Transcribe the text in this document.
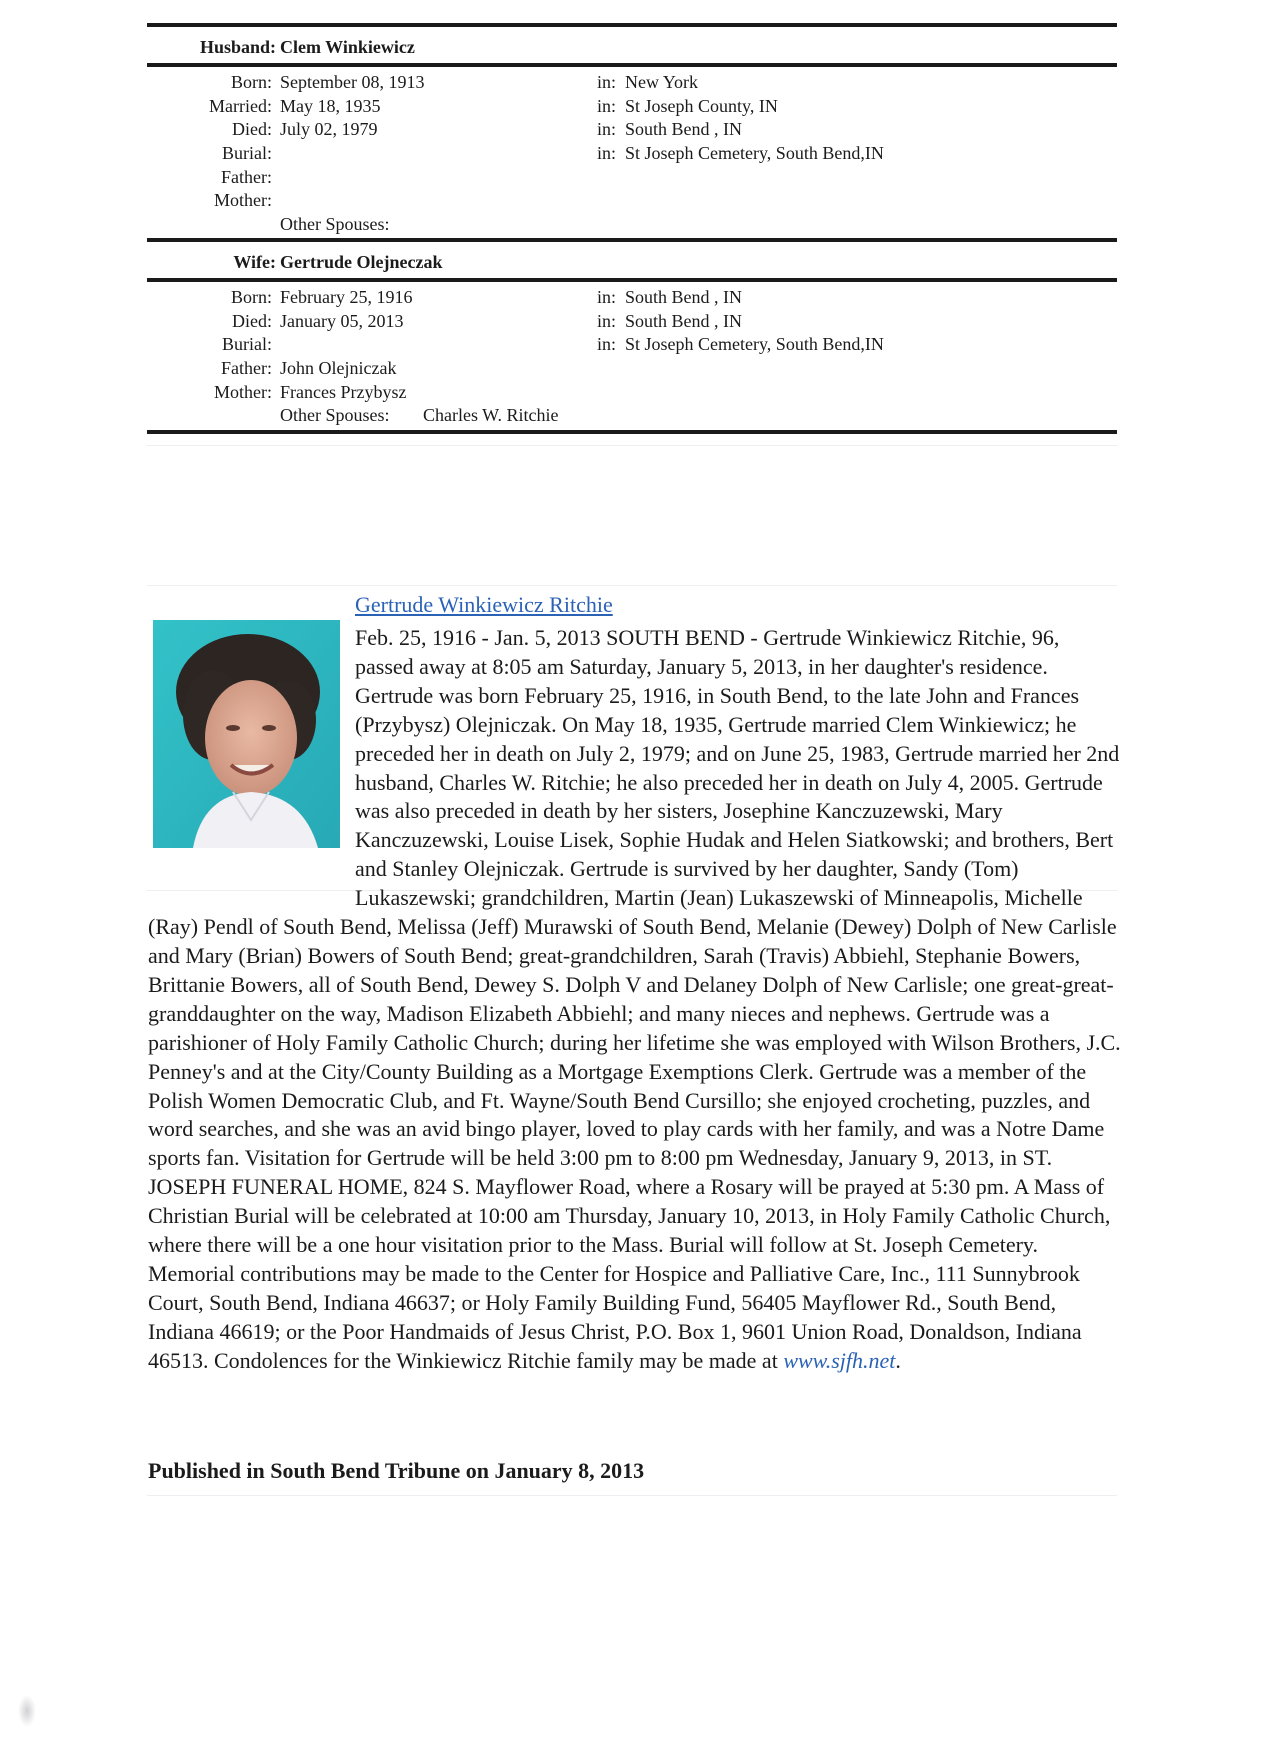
Husband: Clem Winkiewicz
Born: September 08, 1913	in: New York
Married: May 18, 1935	in: St Joseph County, IN
Died: July 02, 1979	in: South Bend , IN
Burial:	in: St Joseph Cemetery, South Bend,IN
Father:
Mother:
Other Spouses:
Wife: Gertrude Olejneczak
Born: February 25, 1916	in: South Bend , IN
Died: January 05, 2013	in: South Bend , IN
Burial:	in: St Joseph Cemetery, South Bend,IN
Father: John Olejniczak
Mother: Frances Przybysz
Other Spouses: Charles W. Ritchie
Gertrude Winkiewicz Ritchie
Feb. 25, 1916 - Jan. 5, 2013 SOUTH BEND - Gertrude Winkiewicz Ritchie, 96, passed away at 8:05 am Saturday, January 5, 2013, in her daughter's residence. Gertrude was born February 25, 1916, in South Bend, to the late John and Frances (Przybysz) Olejniczak. On May 18, 1935, Gertrude married Clem Winkiewicz; he preceded her in death on July 2, 1979; and on June 25, 1983, Gertrude married her 2nd husband, Charles W. Ritchie; he also preceded her in death on July 4, 2005. Gertrude was also preceded in death by her sisters, Josephine Kanczuzewski, Mary Kanczuzewski, Louise Lisek, Sophie Hudak and Helen Siatkowski; and brothers, Bert and Stanley Olejniczak. Gertrude is survived by her daughter, Sandy (Tom) Lukaszewski; grandchildren, Martin (Jean) Lukaszewski of Minneapolis, Michelle (Ray) Pendl of South Bend, Melissa (Jeff) Murawski of South Bend, Melanie (Dewey) Dolph of New Carlisle and Mary (Brian) Bowers of South Bend; great-grandchildren, Sarah (Travis) Abbiehl, Stephanie Bowers, Brittanie Bowers, all of South Bend, Dewey S. Dolph V and Delaney Dolph of New Carlisle; one great-great-granddaughter on the way, Madison Elizabeth Abbiehl; and many nieces and nephews. Gertrude was a parishioner of Holy Family Catholic Church; during her lifetime she was employed with Wilson Brothers, J.C. Penney's and at the City/County Building as a Mortgage Exemptions Clerk. Gertrude was a member of the Polish Women Democratic Club, and Ft. Wayne/South Bend Cursillo; she enjoyed crocheting, puzzles, and word searches, and she was an avid bingo player, loved to play cards with her family, and was a Notre Dame sports fan. Visitation for Gertrude will be held 3:00 pm to 8:00 pm Wednesday, January 9, 2013, in ST. JOSEPH FUNERAL HOME, 824 S. Mayflower Road, where a Rosary will be prayed at 5:30 pm. A Mass of Christian Burial will be celebrated at 10:00 am Thursday, January 10, 2013, in Holy Family Catholic Church, where there will be a one hour visitation prior to the Mass. Burial will follow at St. Joseph Cemetery. Memorial contributions may be made to the Center for Hospice and Palliative Care, Inc., 111 Sunnybrook Court, South Bend, Indiana 46637; or Holy Family Building Fund, 56405 Mayflower Rd., South Bend, Indiana 46619; or the Poor Handmaids of Jesus Christ, P.O. Box 1, 9601 Union Road, Donaldson, Indiana 46513. Condolences for the Winkiewicz Ritchie family may be made at www.sjfh.net.
Published in South Bend Tribune on January 8, 2013
